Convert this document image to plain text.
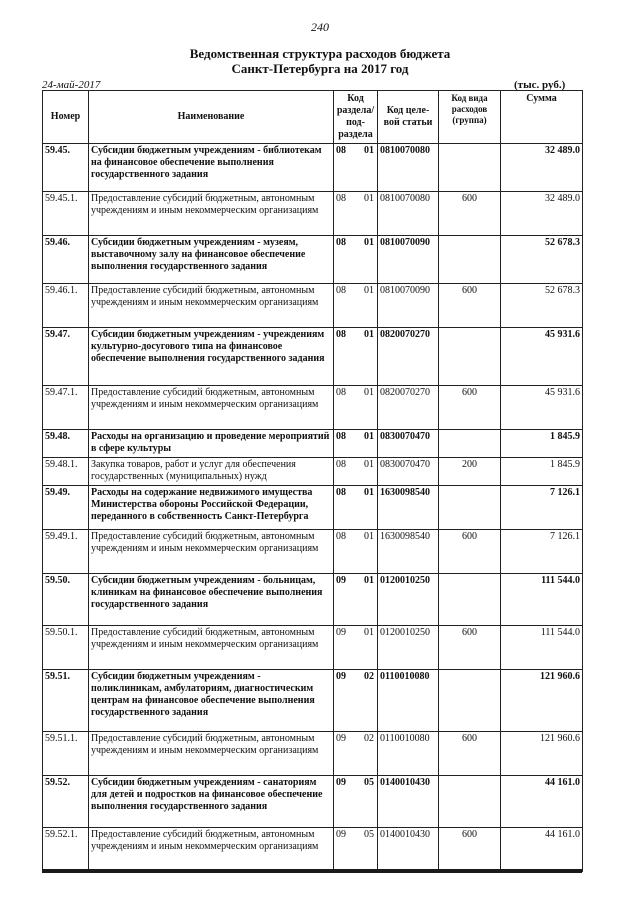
240
Ведомственная структура расходов бюджета
Санкт-Петербурга на 2017 год
24-май-2017	(тыс. руб.)
Номер	Наименование	Код раздела/ под- раздела		Код целе- вой статьи	Код вида расходов (группа)	Сумма
59.45.	Субсидии бюджетным учреждениям - библиотекам на финансовое обеспечение выполнения государственного задания	08	01	0810070080		32 489.0
59.45.1.	Предоставление субсидий бюджетным, автономным учреждениям и иным некоммерческим организациям	08	01	0810070080	600	32 489.0
59.46.	Субсидии бюджетным учреждениям - музеям, выставочному залу на финансовое обеспечение выполнения государственного задания	08	01	0810070090		52 678.3
59.46.1.	Предоставление субсидий бюджетным, автономным учреждениям и иным некоммерческим организациям	08	01	0810070090	600	52 678.3
59.47.	Субсидии бюджетным учреждениям - учреждениям культурно-досугового типа на финансовое обеспечение выполнения государственного задания	08	01	0820070270		45 931.6
59.47.1.	Предоставление субсидий бюджетным, автономным учреждениям и иным некоммерческим организациям	08	01	0820070270	600	45 931.6
59.48.	Расходы на организацию и проведение мероприятий в сфере культуры	08	01	0830070470		1 845.9
59.48.1.	Закупка товаров, работ и услуг для обеспечения государственных (муниципальных) нужд	08	01	0830070470	200	1 845.9
59.49.	Расходы на содержание недвижимого имущества Министерства обороны Российской Федерации, переданного в собственность Санкт-Петербурга	08	01	1630098540		7 126.1
59.49.1.	Предоставление субсидий бюджетным, автономным учреждениям и иным некоммерческим организациям	08	01	1630098540	600	7 126.1
59.50.	Субсидии бюджетным учреждениям - больницам, клиникам на финансовое обеспечение выполнения государственного задания	09	01	0120010250		111 544.0
59.50.1.	Предоставление субсидий бюджетным, автономным учреждениям и иным некоммерческим организациям	09	01	0120010250	600	111 544.0
59.51.	Субсидии бюджетным учреждениям - поликлиникам, амбулаториям, диагностическим центрам на финансовое обеспечение выполнения государственного задания	09	02	0110010080		121 960.6
59.51.1.	Предоставление субсидий бюджетным, автономным учреждениям и иным некоммерческим организациям	09	02	0110010080	600	121 960.6
59.52.	Субсидии бюджетным учреждениям - санаториям для детей и подростков на финансовое обеспечение выполнения государственного задания	09	05	0140010430		44 161.0
59.52.1.	Предоставление субсидий бюджетным, автономным учреждениям и иным некоммерческим организациям	09	05	0140010430	600	44 161.0
